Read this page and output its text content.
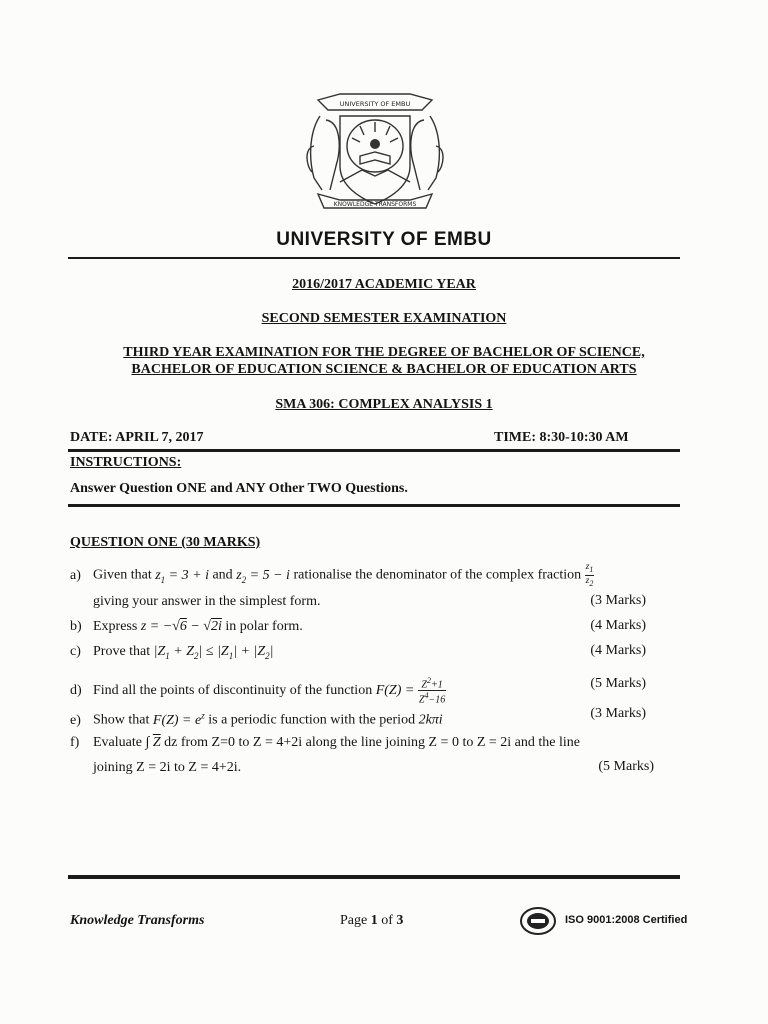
UNIVERSITY OF EMBU
KNOWLEDGE TRANSFORMS
UNIVERSITY OF EMBU
2016/2017 ACADEMIC YEAR
SECOND SEMESTER EXAMINATION
THIRD YEAR EXAMINATION FOR THE DEGREE OF BACHELOR OF SCIENCE,
BACHELOR OF EDUCATION SCIENCE & BACHELOR OF EDUCATION ARTS
SMA 306: COMPLEX ANALYSIS 1
DATE: APRIL 7, 2017	TIME: 8:30-10:30 AM
INSTRUCTIONS:
Answer Question ONE and ANY Other TWO Questions.
QUESTION ONE (30 MARKS)
a) Given that $z_1 = 3 + i$ and $z_2 = 5 - i$ rationalise the denominator of the complex fraction $\frac{z_1}{z_2}$
giving your answer in the simplest form.	(3 Marks)
b) Express z = −√6 − √2i in polar form.	(4 Marks)
c) Prove that $|Z_1 + Z_2| \le |Z_1| + |Z_2|$	(4 Marks)
d) Find all the points of discontinuity of the function $F(Z) = \frac{Z^2+1}{Z^4-16}$	(5 Marks)
e) Show that $F(Z) = e^z$ is a periodic function with the period 2kπi	(3 Marks)
f) Evaluate ∫ $\overline{Z}$ dz from Z=0 to Z = 4+2i along the line joining Z = 0 to Z = 2i and the line
joining Z = 2i to Z = 4+2i.	(5 Marks)
Knowledge Transforms	Page 1 of 3	ISO 9001:2008 Certified
